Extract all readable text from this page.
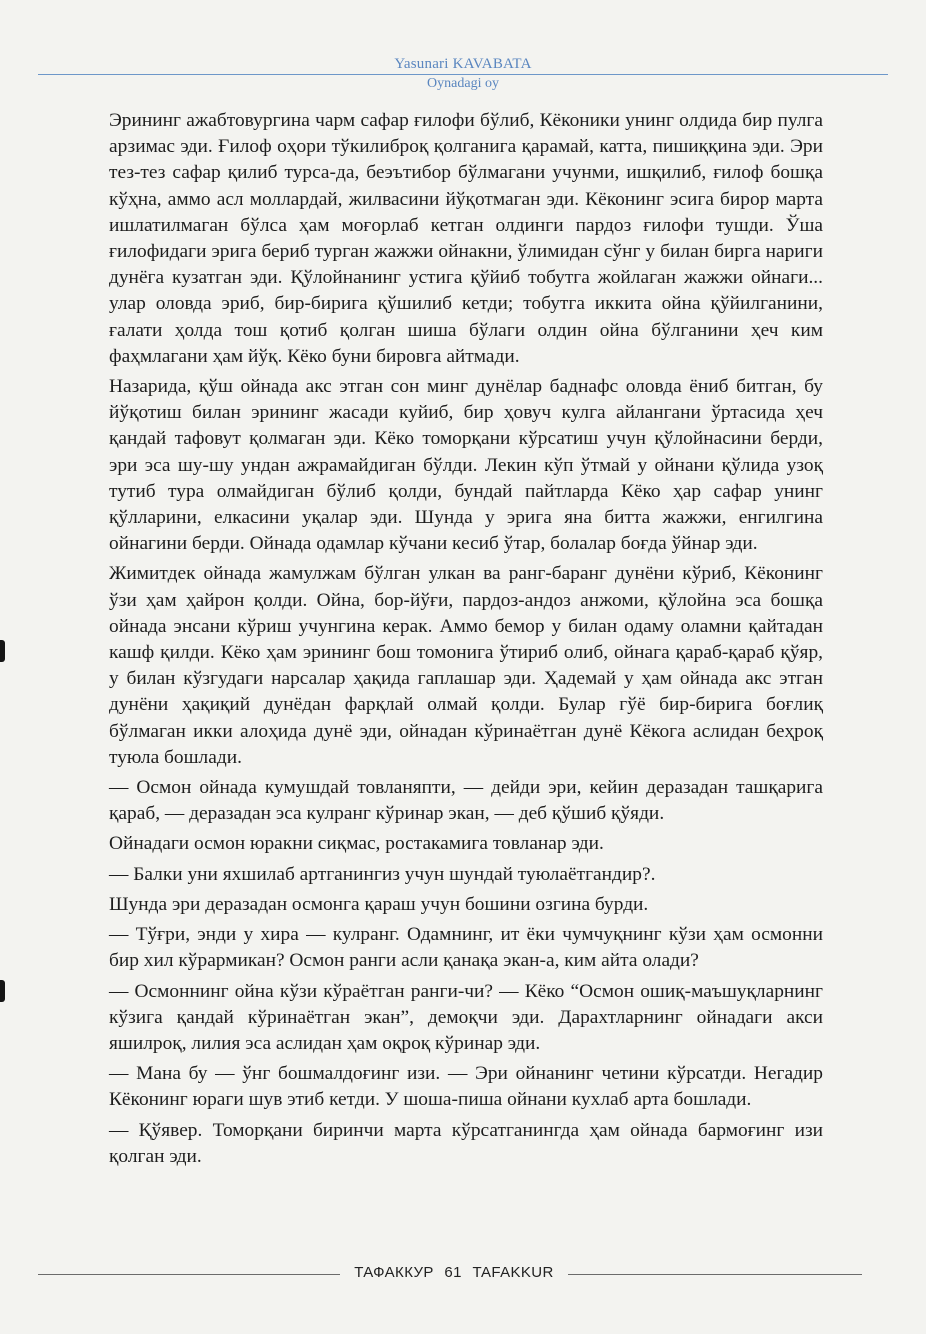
Yasunari KAVABATA
Oynadagi oy

Эрининг ажабтовургина чарм сафар ғилофи бўлиб, Кёконики унинг олдида бир пулга арзимас эди. Ғилоф оҳори тўкилиброқ қолганига қарамай, катта, пишиққина эди. Эри тез-тез сафар қилиб турса-да, беэътибор бўлмагани учунми, ишқилиб, ғилоф бошқа кўҳна, аммо асл моллардай, жилвасини йўқотмаган эди. Кёконинг эсига бирор марта ишлатилмаган бўлса ҳам моғорлаб кетган олдинги пардоз ғилофи тушди. Ўша ғилофидаги эрига бериб турган жажжи ойнакни, ўлимидан сўнг у билан бирга нариги дунёга кузатган эди. Қўлойнанинг устига қўйиб тобутга жойлаган жажжи ойнаги... улар оловда эриб, бир-бирига қўшилиб кетди; тобутга иккита ойна қўйилганини, ғалати ҳолда тош қотиб қолган шиша бўлаги олдин ойна бўлганини ҳеч ким фаҳмлагани ҳам йўқ. Кёко буни бировга айтмади.

Назарида, қўш ойнада акс этган сон минг дунёлар баднафс оловда ёниб битган, бу йўқотиш билан эрининг жасади куйиб, бир ҳовуч кулга айлангани ўртасида ҳеч қандай тафовут қолмаган эди. Кёко томорқани кўрсатиш учун қўлойнасини берди, эри эса шу-шу ундан ажрамайдиган бўлди. Лекин кўп ўтмай у ойнани қўлида узоқ тутиб тура олмайдиган бўлиб қолди, бундай пайтларда Кёко ҳар сафар унинг қўлларини, елкасини уқалар эди. Шунда у эрига яна битта жажжи, енгилгина ойнагини берди. Ойнада одамлар кўчани кесиб ўтар, болалар боғда ўйнар эди.

Жимитдек ойнада жамулжам бўлган улкан ва ранг-баранг дунёни кўриб, Кёконинг ўзи ҳам ҳайрон қолди. Ойна, бор-йўғи, пардоз-андоз анжоми, қўлойна эса бошқа ойнада энсани кўриш учунгина керак. Аммо бемор у билан одаму оламни қайтадан кашф қилди. Кёко ҳам эрининг бош томонига ўтириб олиб, ойнага қараб-қараб қўяр, у билан кўзгудаги нарсалар ҳақида гаплашар эди. Ҳадемай у ҳам ойнада акс этган дунёни ҳақиқий дунёдан фарқлай олмай қолди. Булар гўё бир-бирига боғлиқ бўлмаган икки алоҳида дунё эди, ойнадан кўринаётган дунё Кёкога аслидан беҳроқ туюла бошлади.

— Осмон ойнада кумушдай товланяпти, — дейди эри, кейин деразадан ташқарига қараб, — деразадан эса кулранг кўринар экан, — деб қўшиб қўяди.

Ойнадаги осмон юракни сиқмас, ростакамига товланар эди.

— Балки уни яхшилаб артганингиз учун шундай туюлаётгандир?.

Шунда эри деразадан осмонга қараш учун бошини озгина бурди.

— Тўғри, энди у хира — кулранг. Одамнинг, ит ёки чумчуқнинг кўзи ҳам осмонни бир хил кўрармикан? Осмон ранги асли қанақа экан-а, ким айта олади?

— Осмоннинг ойна кўзи кўраётган ранги-чи? — Кёко “Осмон ошиқ-маъшуқларнинг кўзига қандай кўринаётган экан”, демоқчи эди. Дарахтларнинг ойнадаги акси яшилроқ, лилия эса аслидан ҳам оқроқ кўринар эди.

— Мана бу — ўнг бошмалдоғинг изи. — Эри ойнанинг четини кўрсатди. Негадир Кёконинг юраги шув этиб кетди. У шоша-пиша ойнани кухлаб арта бошлади.

— Қўявер. Томорқани биринчи марта кўрсатганингда ҳам ойнада бармоғинг изи қолган эди.

ТАФАККУР 61 TAFAKKUR
